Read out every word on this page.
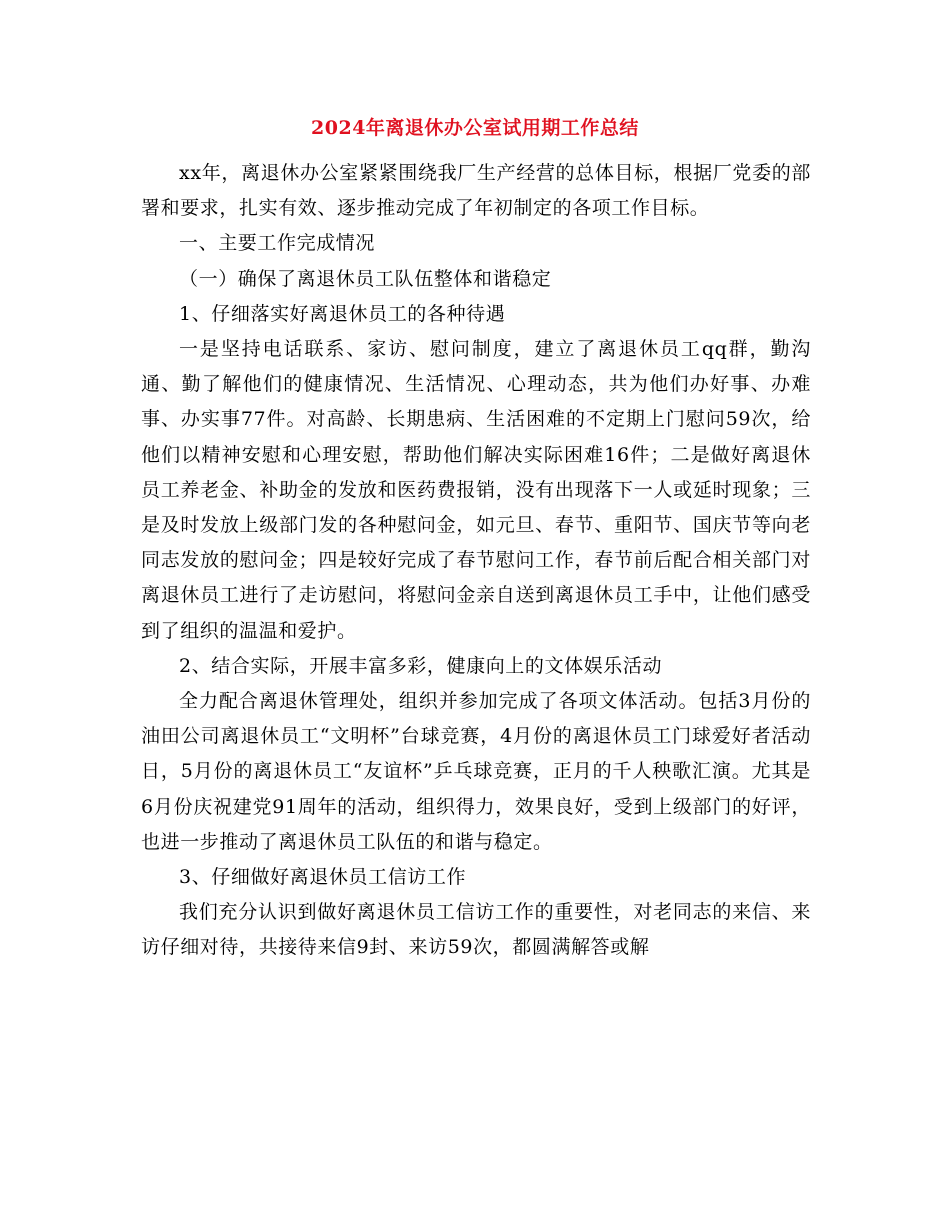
2024年离退休办公室试用期工作总结

xx年，离退休办公室紧紧围绕我厂生产经营的总体目标，根据厂党委的部署和要求，扎实有效、逐步推动完成了年初制定的各项工作目标。

一、主要工作完成情况

（一）确保了离退休员工队伍整体和谐稳定

1、仔细落实好离退休员工的各种待遇

一是坚持电话联系、家访、慰问制度，建立了离退休员工qq群，勤沟通、勤了解他们的健康情况、生活情况、心理动态，共为他们办好事、办难事、办实事77件。对高龄、长期患病、生活困难的不定期上门慰问59次，给他们以精神安慰和心理安慰，帮助他们解决实际困难16件；二是做好离退休员工养老金、补助金的发放和医药费报销，没有出现落下一人或延时现象；三是及时发放上级部门发的各种慰问金，如元旦、春节、重阳节、国庆节等向老同志发放的慰问金；四是较好完成了春节慰问工作，春节前后配合相关部门对离退休员工进行了走访慰问，将慰问金亲自送到离退休员工手中，让他们感受到了组织的温温和爱护。

2、结合实际，开展丰富多彩，健康向上的文体娱乐活动

全力配合离退休管理处，组织并参加完成了各项文体活动。包括3月份的油田公司离退休员工“文明杯”台球竞赛，4月份的离退休员工门球爱好者活动日，5月份的离退休员工“友谊杯”乒乓球竞赛，正月的千人秧歌汇演。尤其是6月份庆祝建党91周年的活动，组织得力，效果良好，受到上级部门的好评，也进一步推动了离退休员工队伍的和谐与稳定。

3、仔细做好离退休员工信访工作

我们充分认识到做好离退休员工信访工作的重要性，对老同志的来信、来访仔细对待，共接待来信9封、来访59次，都圆满解答或解
